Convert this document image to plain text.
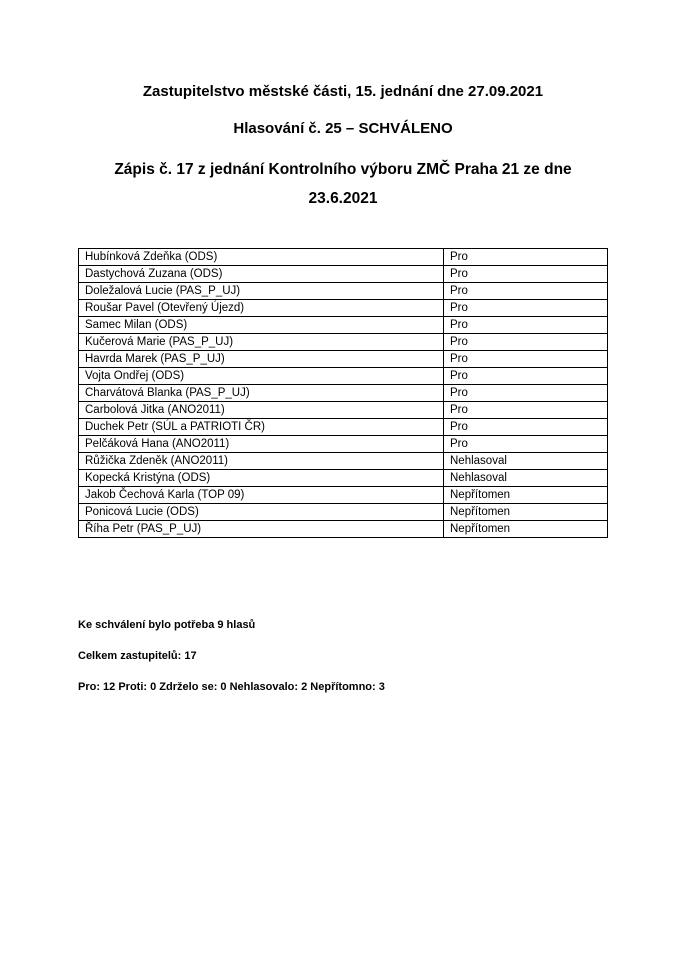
Zastupitelstvo městské části, 15. jednání dne 27.09.2021
Hlasování č. 25 – SCHVÁLENO
Zápis č. 17 z jednání Kontrolního výboru ZMČ Praha 21 ze dne 23.6.2021
Hubínková Zdeňka (ODS)	Pro
Dastychová Zuzana (ODS)	Pro
Doležalová Lucie (PAS_P_UJ)	Pro
Roušar Pavel (Otevřený Újezd)	Pro
Samec Milan (ODS)	Pro
Kučerová Marie (PAS_P_UJ)	Pro
Havrda Marek (PAS_P_UJ)	Pro
Vojta Ondřej (ODS)	Pro
Charvátová Blanka (PAS_P_UJ)	Pro
Carbolová Jitka (ANO2011)	Pro
Duchek Petr (SÚL a PATRIOTI ČR)	Pro
Pelčáková Hana (ANO2011)	Pro
Růžička Zdeněk (ANO2011)	Nehlasoval
Kopecká Kristýna (ODS)	Nehlasoval
Jakob Čechová Karla (TOP 09)	Nepřítomen
Ponicová Lucie (ODS)	Nepřítomen
Říha Petr (PAS_P_UJ)	Nepřítomen
Ke schválení bylo potřeba 9 hlasů
Celkem zastupitelů: 17
Pro: 12 Proti: 0 Zdrželo se: 0 Nehlasovalo: 2 Nepřítomno: 3
